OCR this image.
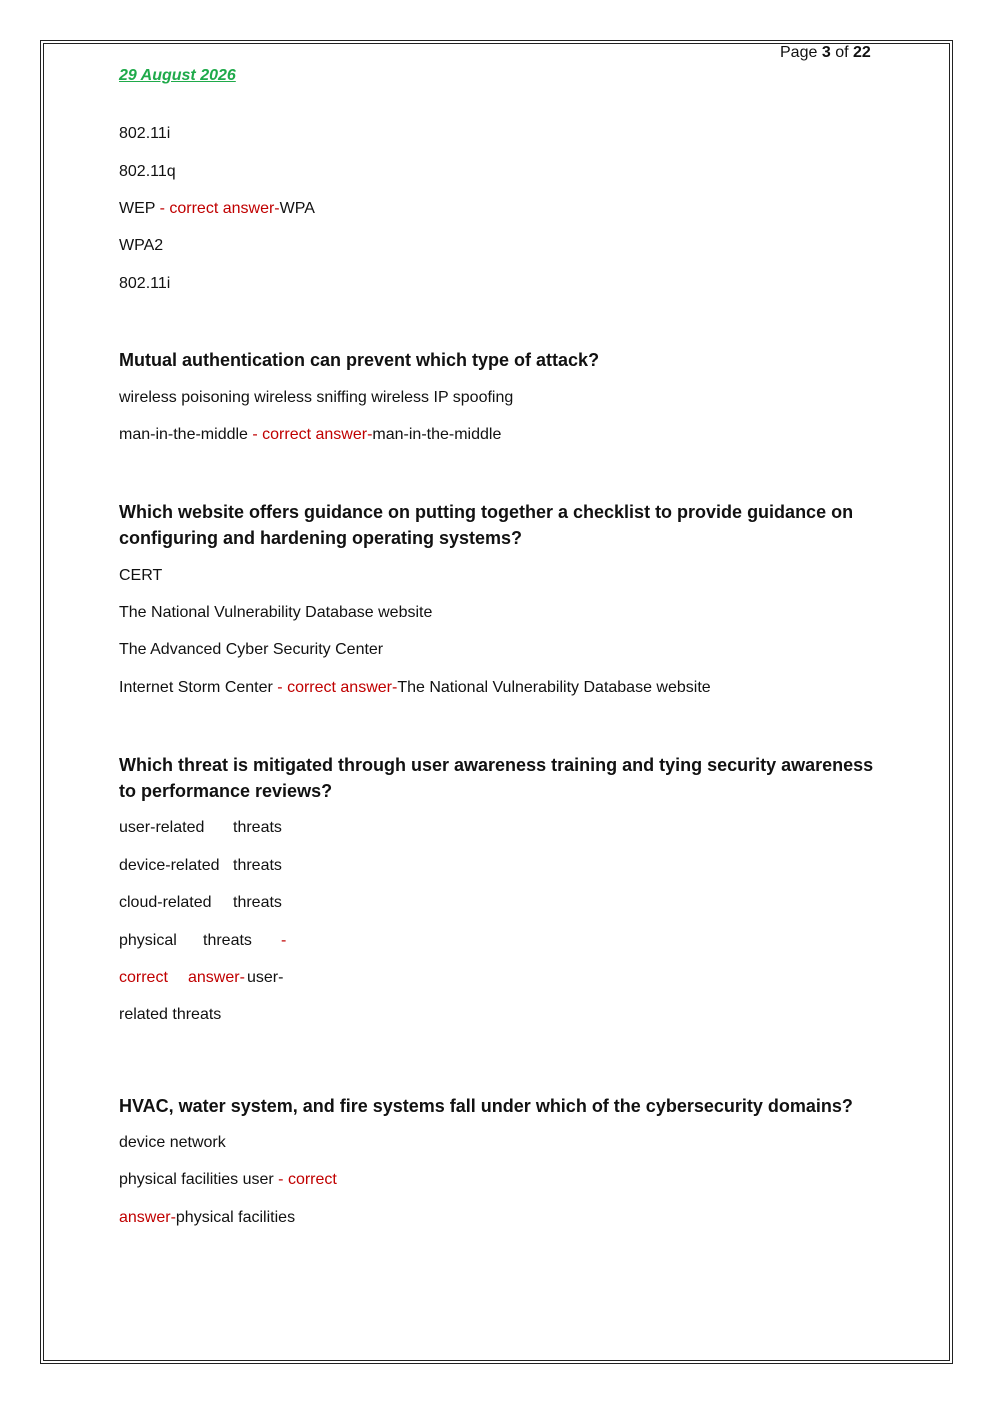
Page 3 of 22
29 August 2026
802.11i
802.11q
WEP - correct answer-WPA
WPA2
802.11i
Mutual authentication can prevent which type of attack?
wireless poisoning wireless sniffing wireless IP spoofing
man-in-the-middle - correct answer-man-in-the-middle
Which website offers guidance on putting together a checklist to provide guidance on configuring and hardening operating systems?
CERT
The National Vulnerability Database website
The Advanced Cyber Security Center
Internet Storm Center - correct answer-The National Vulnerability Database website
Which threat is mitigated through user awareness training and tying security awareness to performance reviews?
user-related threats
device-related threats
cloud-related threats
physical threats -
correct answer- user-
related threats
HVAC, water system, and fire systems fall under which of the cybersecurity domains?
device network
physical facilities user - correct
answer-physical facilities
